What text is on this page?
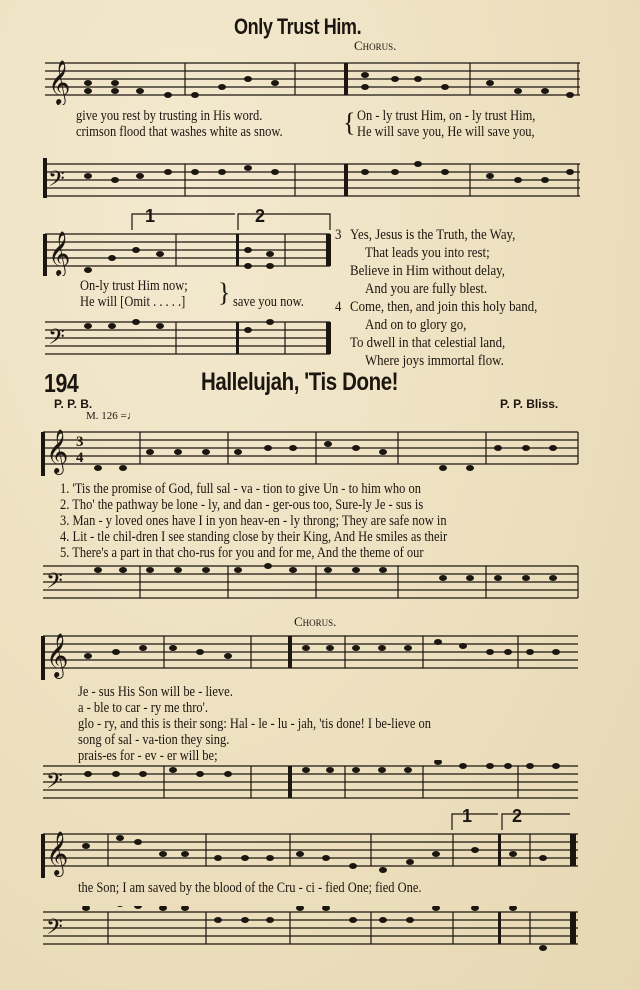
Only Trust Him.
Chorus.
𝄞
give you rest by trusting in His word.
crimson flood that washes white as snow. { On - ly trust Him, on - ly trust Him,
He will save you, He will save you,
𝄢
1	2
𝄞
On-ly trust Him now;
He will [Omit . . . . .] } save you now.
𝄢
3 Yes, Jesus is the Truth, the Way,
That leads you into rest;
Believe in Him without delay,
And you are fully blest.
4 Come, then, and join this holy band,
And on to glory go,
To dwell in that celestial land,
Where joys immortal flow.
194	Hallelujah, 'Tis Done!
P. P. B.	P. P. Bliss.
M. 126 =♩
𝄞 3
4
1. 'Tis the promise of God, full sal - va - tion to give Un - to him who on
2. Tho' the pathway be lone - ly, and dan - ger-ous too, Sure-ly Je - sus is
3. Man - y loved ones have I in yon heav-en - ly throng; They are safe now in
4. Lit - tle chil-dren I see standing close by their King, And He smiles as their
5. There's a part in that cho-rus for you and for me, And the theme of our
𝄢
Chorus.
𝄞
Je - sus His Son will be - lieve.
a - ble to car - ry me thro'.
glo - ry, and this is their song: Hal - le - lu - jah, 'tis done! I be-lieve on
song of sal - va-tion they sing.
prais-es for - ev - er will be;
𝄢
1 2
𝄞
the Son; I am saved by the blood of the Cru - ci - fied One; fied One.
𝄢
